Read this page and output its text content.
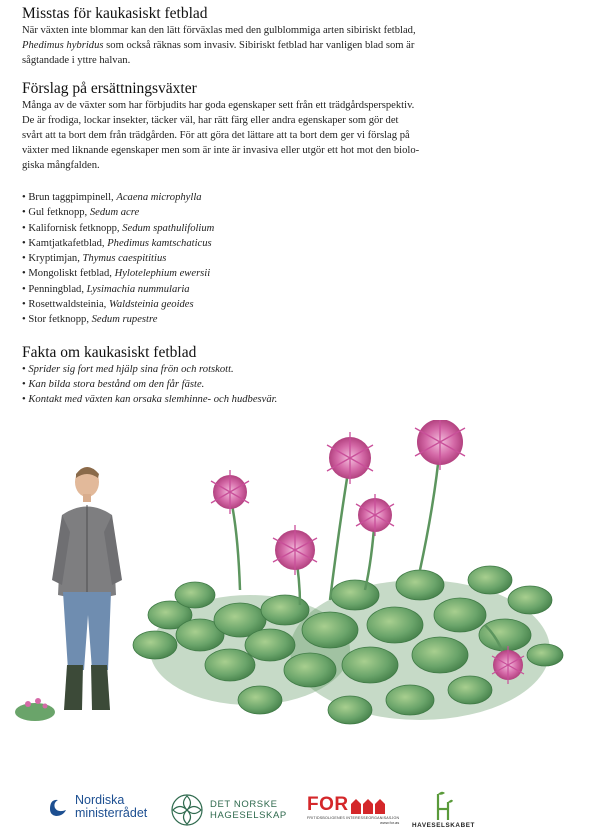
Misstas för kaukasiskt fetblad

När växten inte blommar kan den lätt förväxlas med den gulblommiga arten sibiriskt fetblad,
Phedimus hybridus som också räknas som invasiv. Sibiriskt fetblad har vanligen blad som är
sågtandade i yttre halvan.

Förslag på ersättningsväxter

Många av de växter som har förbjudits har goda egenskaper sett från ett trädgårdsperspektiv.
De är frodiga, lockar insekter, täcker väl, har rätt färg eller andra egenskaper som gör det
svårt att ta bort dem från trädgården. För att göra det lättare att ta bort dem ger vi förslag på
växter med liknande egenskaper men som är inte är invasiva eller utgör ett hot mot den biolo-
giska mångfalden.

• Brun taggpimpinell, Acaena microphylla
• Gul fetknopp, Sedum acre
• Kalifornisk fetknopp, Sedum spathulifolium
• Kamtjatkafetblad, Phedimus kamtschaticus
• Kryptimjan, Thymus caespititius
• Mongoliskt fetblad, Hylotelephium ewersii
• Penningblad, Lysimachia nummularia
• Rosettwaldsteinia, Waldsteinia geoides
• Stor fetknopp, Sedum rupestre
Fakta om kaukasiskt fetblad
• Sprider sig fort med hjälp sina frön och rotskott.
• Kan bilda stora bestånd om den får fäste.
• Kontakt med växten kan orsaka slemhinne- och hudbesvär.
Nordiska
ministerrådet
DET NORSKE
HAGESELSKAP
FOR
FRITIDSBOLIGENES INTERESSEORGANISASJON
www.for.as HAVESELSKABET
